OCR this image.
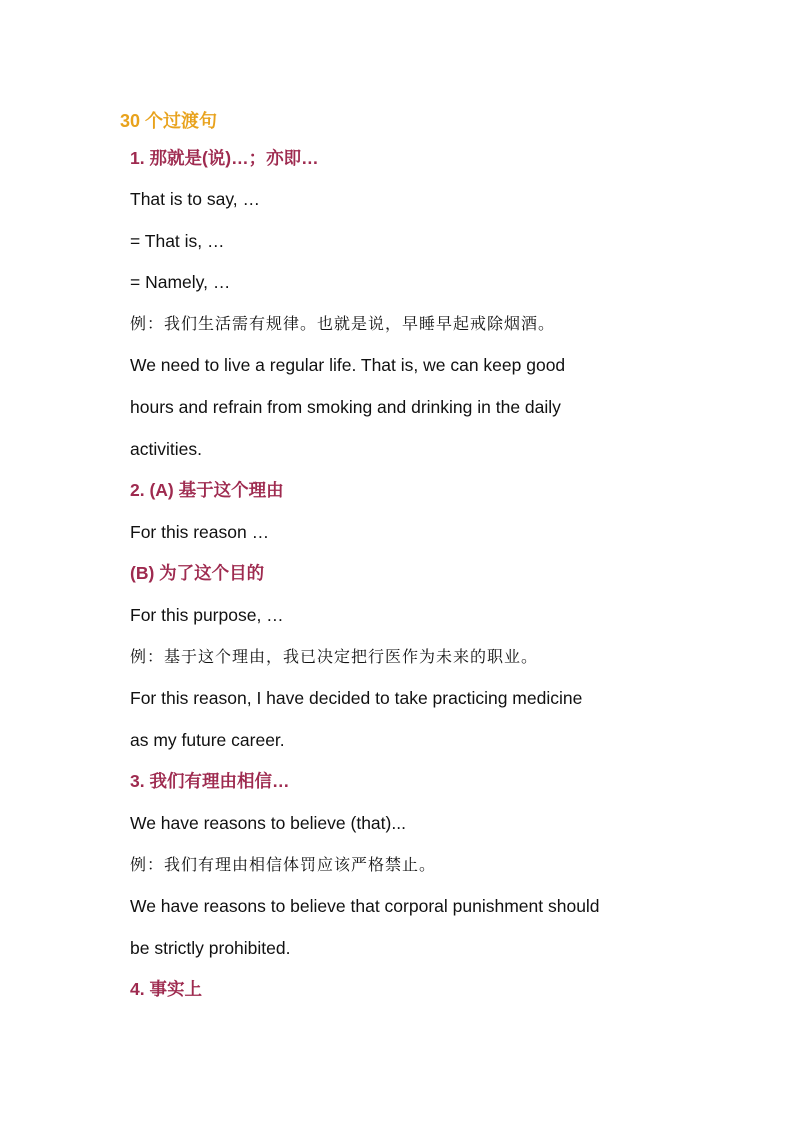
30 个过渡句
1. 那就是(说)…；亦即…
That is to say, …
= That is, …
= Namely, …
例：我们生活需有规律。也就是说，早睡早起戒除烟酒。
We need to live a regular life. That is, we can keep good
hours and refrain from smoking and drinking in the daily
activities.
2. (A) 基于这个理由
For this reason …
(B) 为了这个目的
For this purpose, …
例：基于这个理由，我已决定把行医作为未来的职业。
For this reason, I have decided to take practicing medicine
as my future career.
3. 我们有理由相信…
We have reasons to believe (that)...
例：我们有理由相信体罚应该严格禁止。
We have reasons to believe that corporal punishment should
be strictly prohibited.
4. 事实上
